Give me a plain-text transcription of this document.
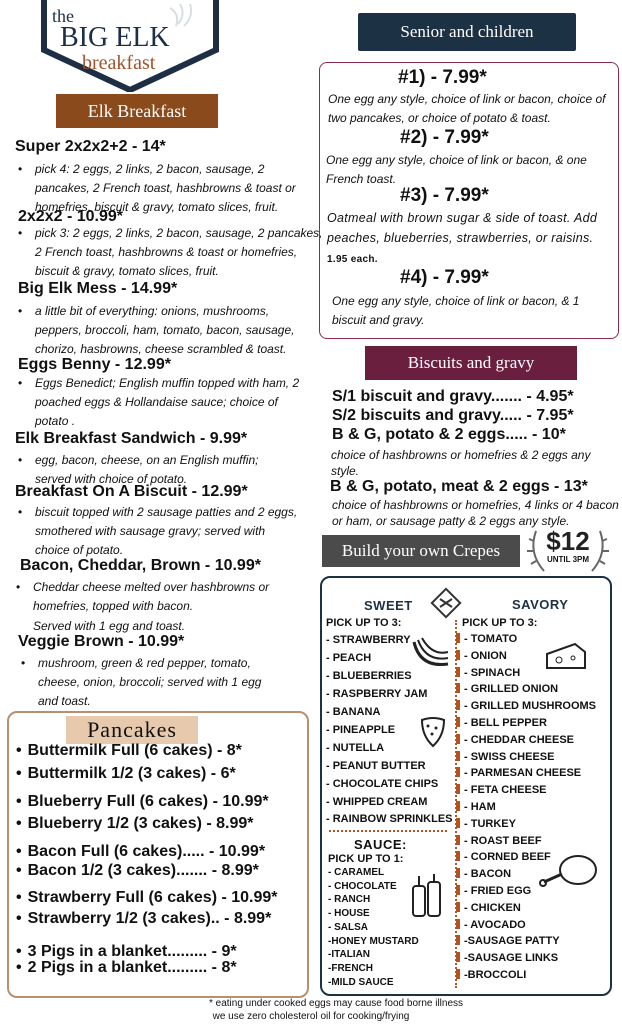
the
BIG ELK
breakfast
Elk Breakfast
Super 2x2x2+2 - 14*
• pick 4: 2 eggs, 2 links, 2 bacon, sausage, 2 pancakes, 2 French toast, hashbrowns & toast or homefries, biscuit & gravy, tomato slices, fruit.
2x2x2 - 10.99*
• pick 3: 2 eggs, 2 links, 2 bacon, sausage, 2 pancakes, 2 French toast, hashbrowns & toast or homefries, biscuit & gravy, tomato slices, fruit.
Big Elk Mess - 14.99*
• a little bit of everything: onions, mushrooms, peppers, broccoli, ham, tomato, bacon, sausage, chorizo, hasbrowns, cheese scrambled & toast.
Eggs Benny - 12.99*
• Eggs Benedict; English muffin topped with ham, 2 poached eggs & Hollandaise sauce; choice of potato .
Elk Breakfast Sandwich - 9.99*
• egg, bacon, cheese, on an English muffin; served with choice of potato.
Breakfast On A Biscuit - 12.99*
• biscuit topped with 2 sausage patties and 2 eggs, smothered with sausage gravy; served with choice of potato.
Bacon, Cheddar, Brown - 10.99*
• Cheddar cheese melted over hashbrowns or homefries, topped with bacon.
Served with 1 egg and toast.
Veggie Brown - 10.99*
• mushroom, green & red pepper, tomato, cheese, onion, broccoli; served with 1 egg and toast.
Senior and children
#1) - 7.99*
One egg any style, choice of link or bacon, choice of two pancakes, or choice of potato & toast.
#2) - 7.99*
One egg any style, choice of link or bacon, & one French toast.
#3) - 7.99*
Oatmeal with brown sugar & side of toast. Add peaches, blueberries, strawberries, or raisins. 1.95 each.
#4) - 7.99*
One egg any style, choice of link or bacon, & 1 biscuit and gravy.
Biscuits and gravy
S/1 biscuit and gravy....... - 4.95*
S/2 biscuits and gravy..... - 7.95*
B & G, potato & 2 eggs..... - 10*
choice of hashbrowns or homefries & 2 eggs any style.
B & G, potato, meat & 2 eggs - 13*
choice of hashbrowns or homefries, 4 links or 4 bacon or ham, or sausage patty & 2 eggs any style.
Build your own Crepes	$12
UNTIL 3PM
SWEET	SAVORY
PICK UP TO 3:	PICK UP TO 3:
- STRAWBERRY
- PEACH
- BLUEBERRIES
- RASPBERRY JAM
- BANANA
- PINEAPPLE
- NUTELLA
- PEANUT BUTTER
- CHOCOLATE CHIPS
- WHIPPED CREAM
- RAINBOW SPRINKLES
- TOMATO
- ONION
- SPINACH
- GRILLED ONION
- GRILLED MUSHROOMS
- BELL PEPPER
- CHEDDAR CHEESE
- SWISS CHEESE
- PARMESAN CHEESE
- FETA CHEESE
- HAM
- TURKEY
- ROAST BEEF
- CORNED BEEF
- BACON
- FRIED EGG
- CHICKEN
- AVOCADO
-SAUSAGE PATTY
-SAUSAGE LINKS
-BROCCOLI
SAUCE:
PICK UP TO 1:
- CARAMEL
- CHOCOLATE
- RANCH
- HOUSE
- SALSA
-HONEY MUSTARD
-ITALIAN
-FRENCH
-MILD SAUCE
Pancakes
• Buttermilk Full (6 cakes) - 8*
• Buttermilk 1/2 (3 cakes) - 6*
• Blueberry Full (6 cakes) - 10.99*
• Blueberry 1/2 (3 cakes) - 8.99*
• Bacon Full (6 cakes)..... - 10.99*
• Bacon 1/2 (3 cakes)....... - 8.99*
• Strawberry Full (6 cakes) - 10.99*
• Strawberry 1/2 (3 cakes).. - 8.99*
• 3 Pigs in a blanket......... - 9*
• 2 Pigs in a blanket......... - 8*
* eating under cooked eggs may cause food borne illness
we use zero cholesterol oil for cooking/frying
